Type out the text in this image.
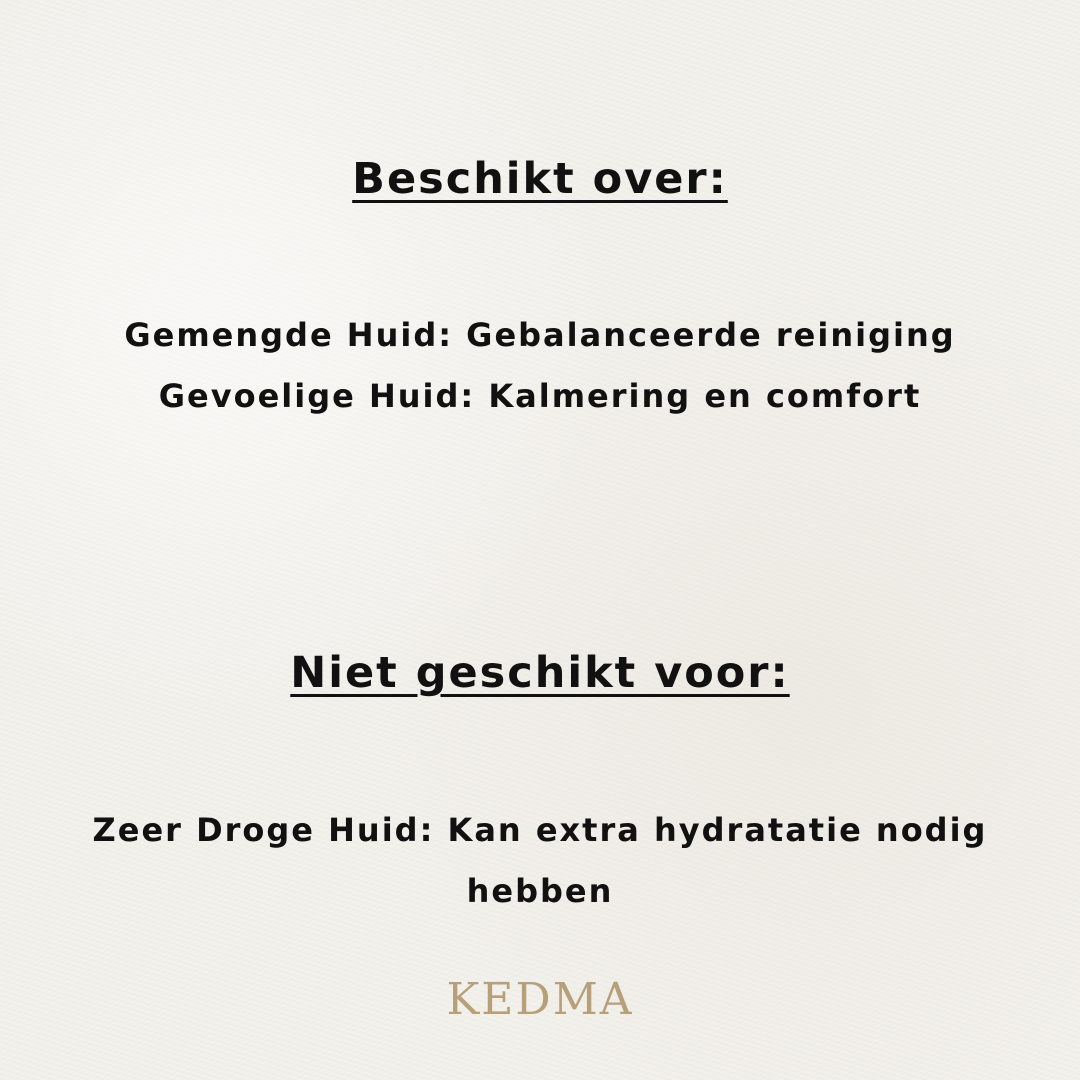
Beschikt over:
Gemengde Huid: Gebalanceerde reiniging
Gevoelige Huid: Kalmering en comfort
Niet geschikt voor:
Zeer Droge Huid: Kan extra hydratatie nodig
hebben
KEDMA
